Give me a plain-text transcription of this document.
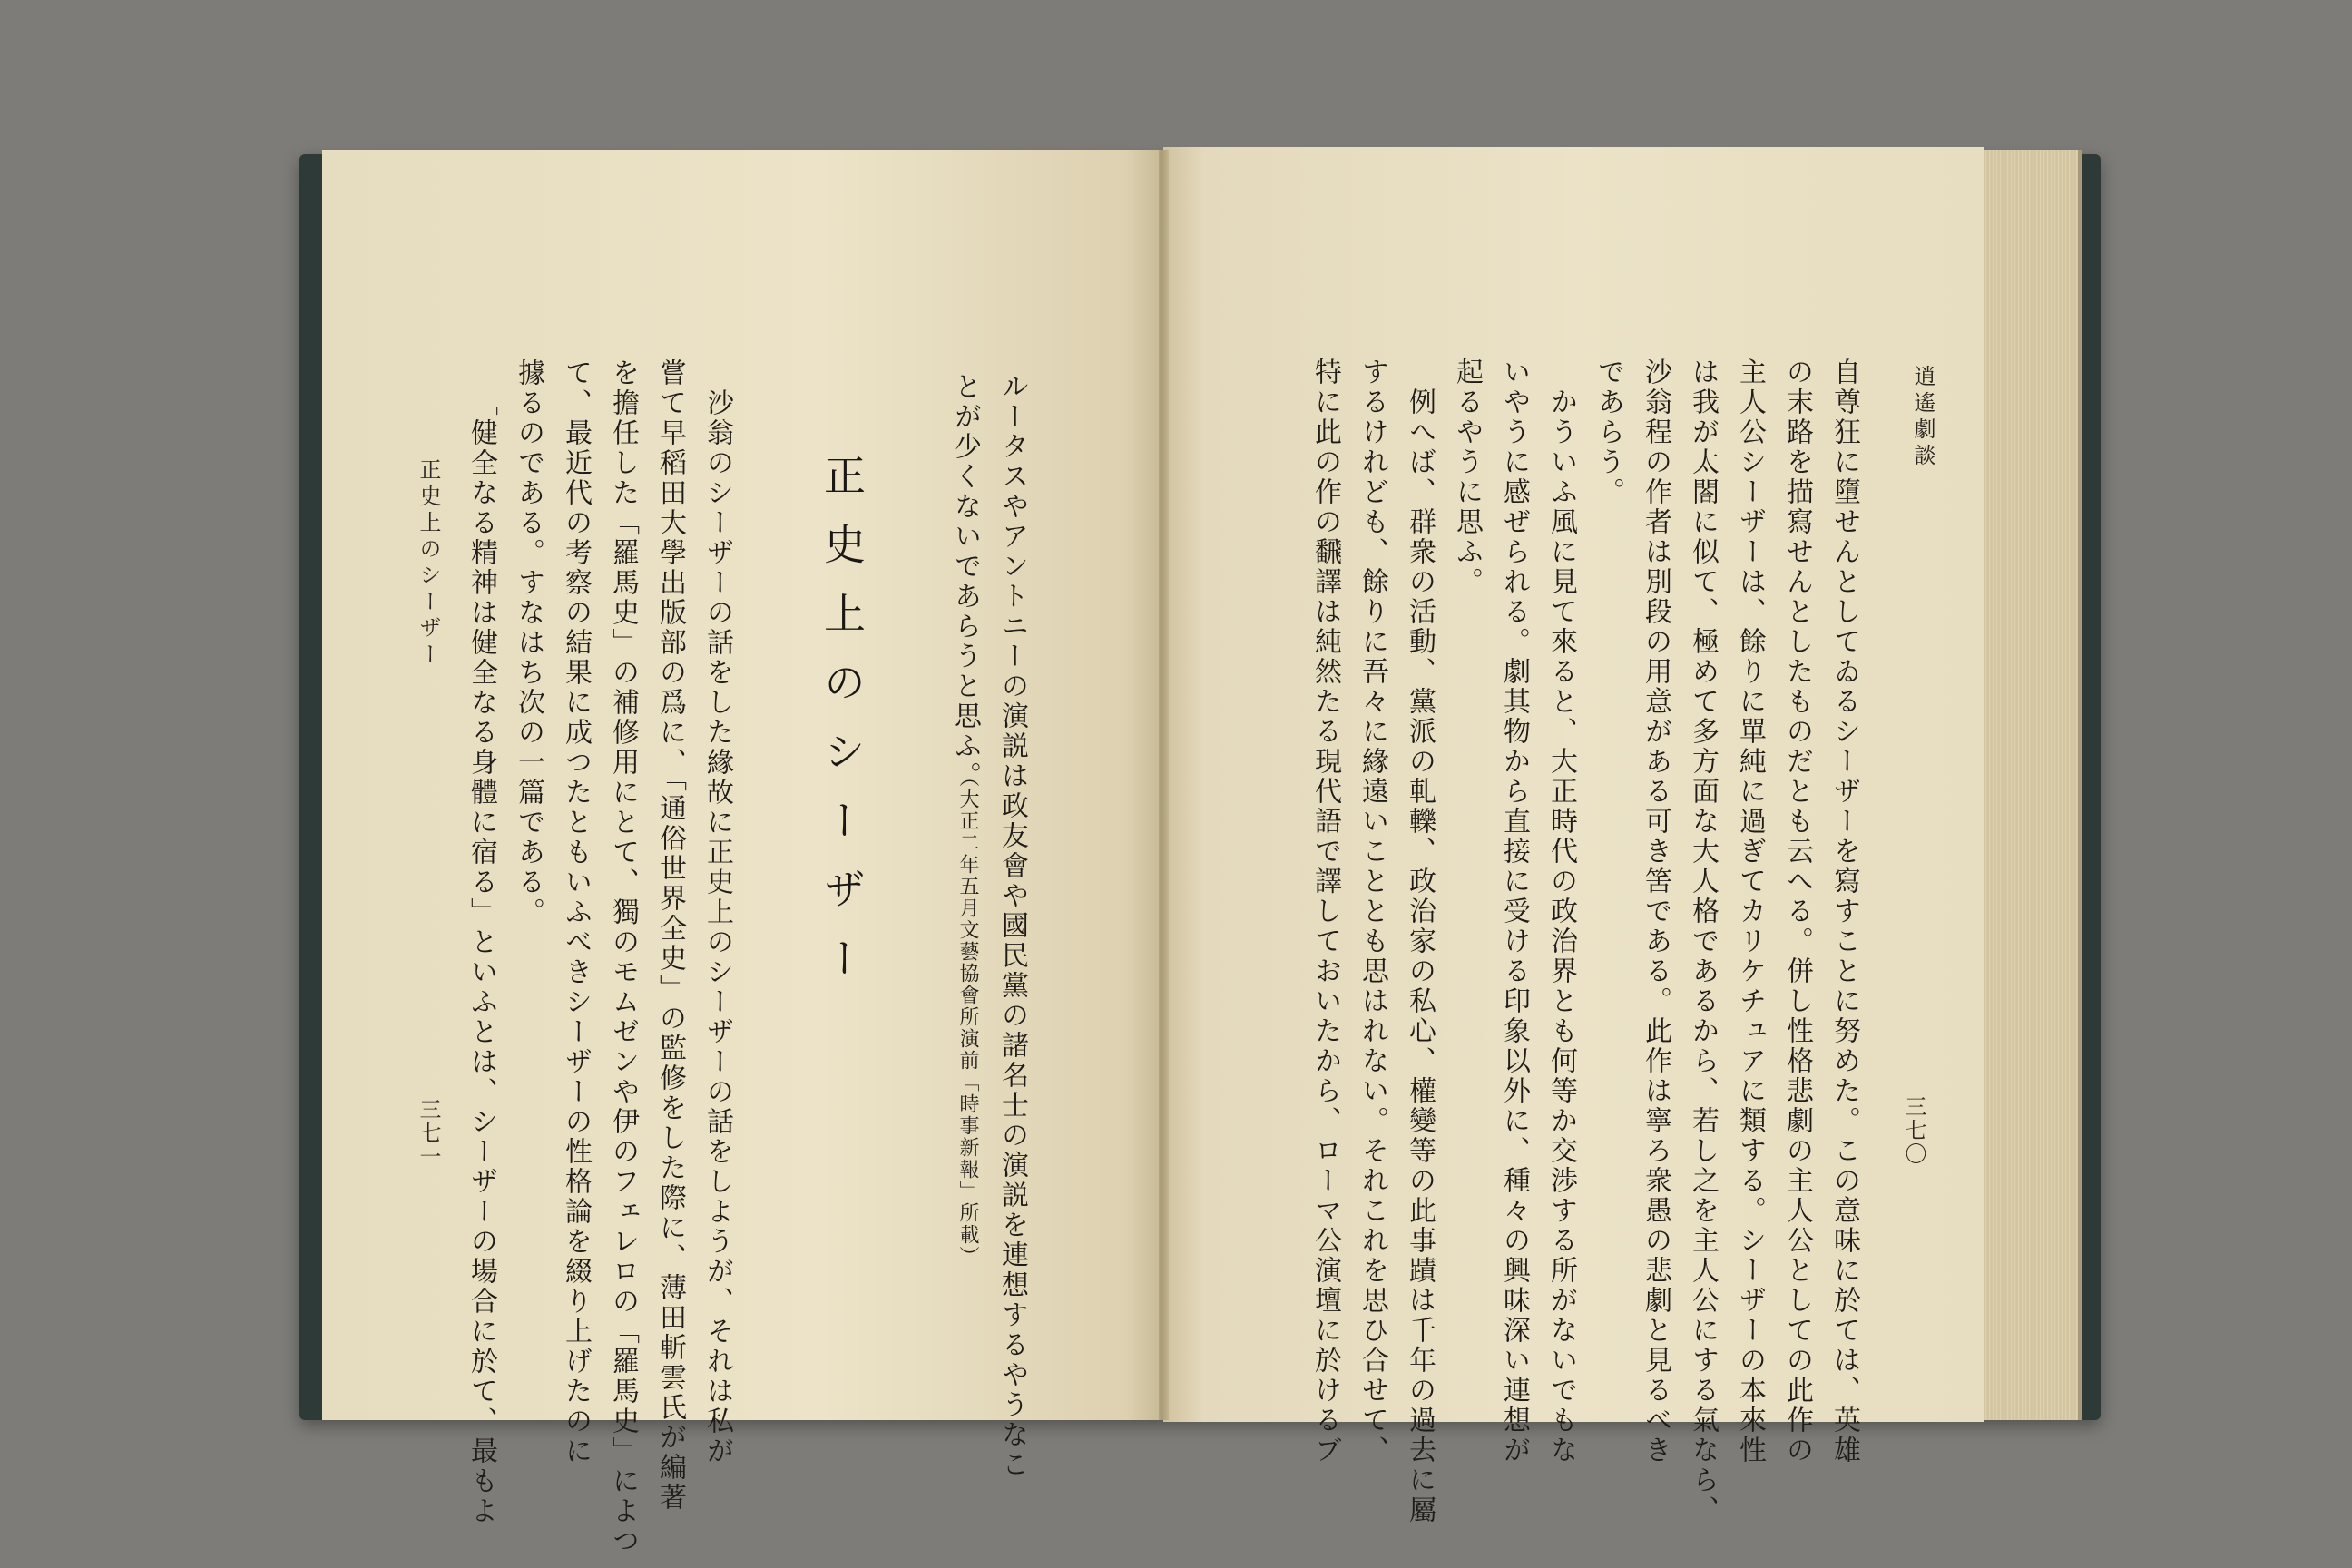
逍遙劇談
三七〇
自尊狂に墮せんとしてゐるシーザーを寫すことに努めた。この意味に於ては、英雄
の末路を描寫せんとしたものだとも云へる。併し性格悲劇の主人公としての此作の
主人公シーザーは、餘りに單純に過ぎてカリケチュアに類する。シーザーの本來性
は我が太閤に似て、極めて多方面な大人格であるから、若し之を主人公にする氣なら、
沙翁程の作者は別段の用意がある可き筈である。此作は寧ろ衆愚の悲劇と見るべき
であらう。
かういふ風に見て來ると、大正時代の政治界とも何等か交渉する所がないでもな
いやうに感ぜられる。劇其物から直接に受ける印象以外に、種々の興味深い連想が
起るやうに思ふ。
例へば、群衆の活動、黨派の軋轢、政治家の私心、權變等の此事蹟は千年の過去に屬
するけれども、餘りに吾々に緣遠いこととも思はれない。それこれを思ひ合せて、
特に此の作の飜譯は純然たる現代語で譯しておいたから、ローマ公演壇に於けるブ
ルータスやアントニーの演説は政友會や國民黨の諸名士の演説を連想するやうなこ
とが少くないであらうと思ふ。
（大正二年五月文藝協會所演前「時事新報」所載）
正史上のシーザー
沙翁のシーザーの話をした緣故に正史上のシーザーの話をしようが、それは私が
嘗て早稻田大學出版部の爲に、「通俗世界全史」の監修をした際に、薄田斬雲氏が編著
を擔任した「羅馬史」の補修用にとて、獨のモムゼンや伊のフェレロの「羅馬史」によつ
て、最近代の考察の結果に成つたともいふべきシーザーの性格論を綴り上げたのに
據るのである。すなはち次の一篇である。
「健全なる精神は健全なる身體に宿る」といふとは、シーザーの場合に於て、最もよ
正史上のシーザー
三七一
